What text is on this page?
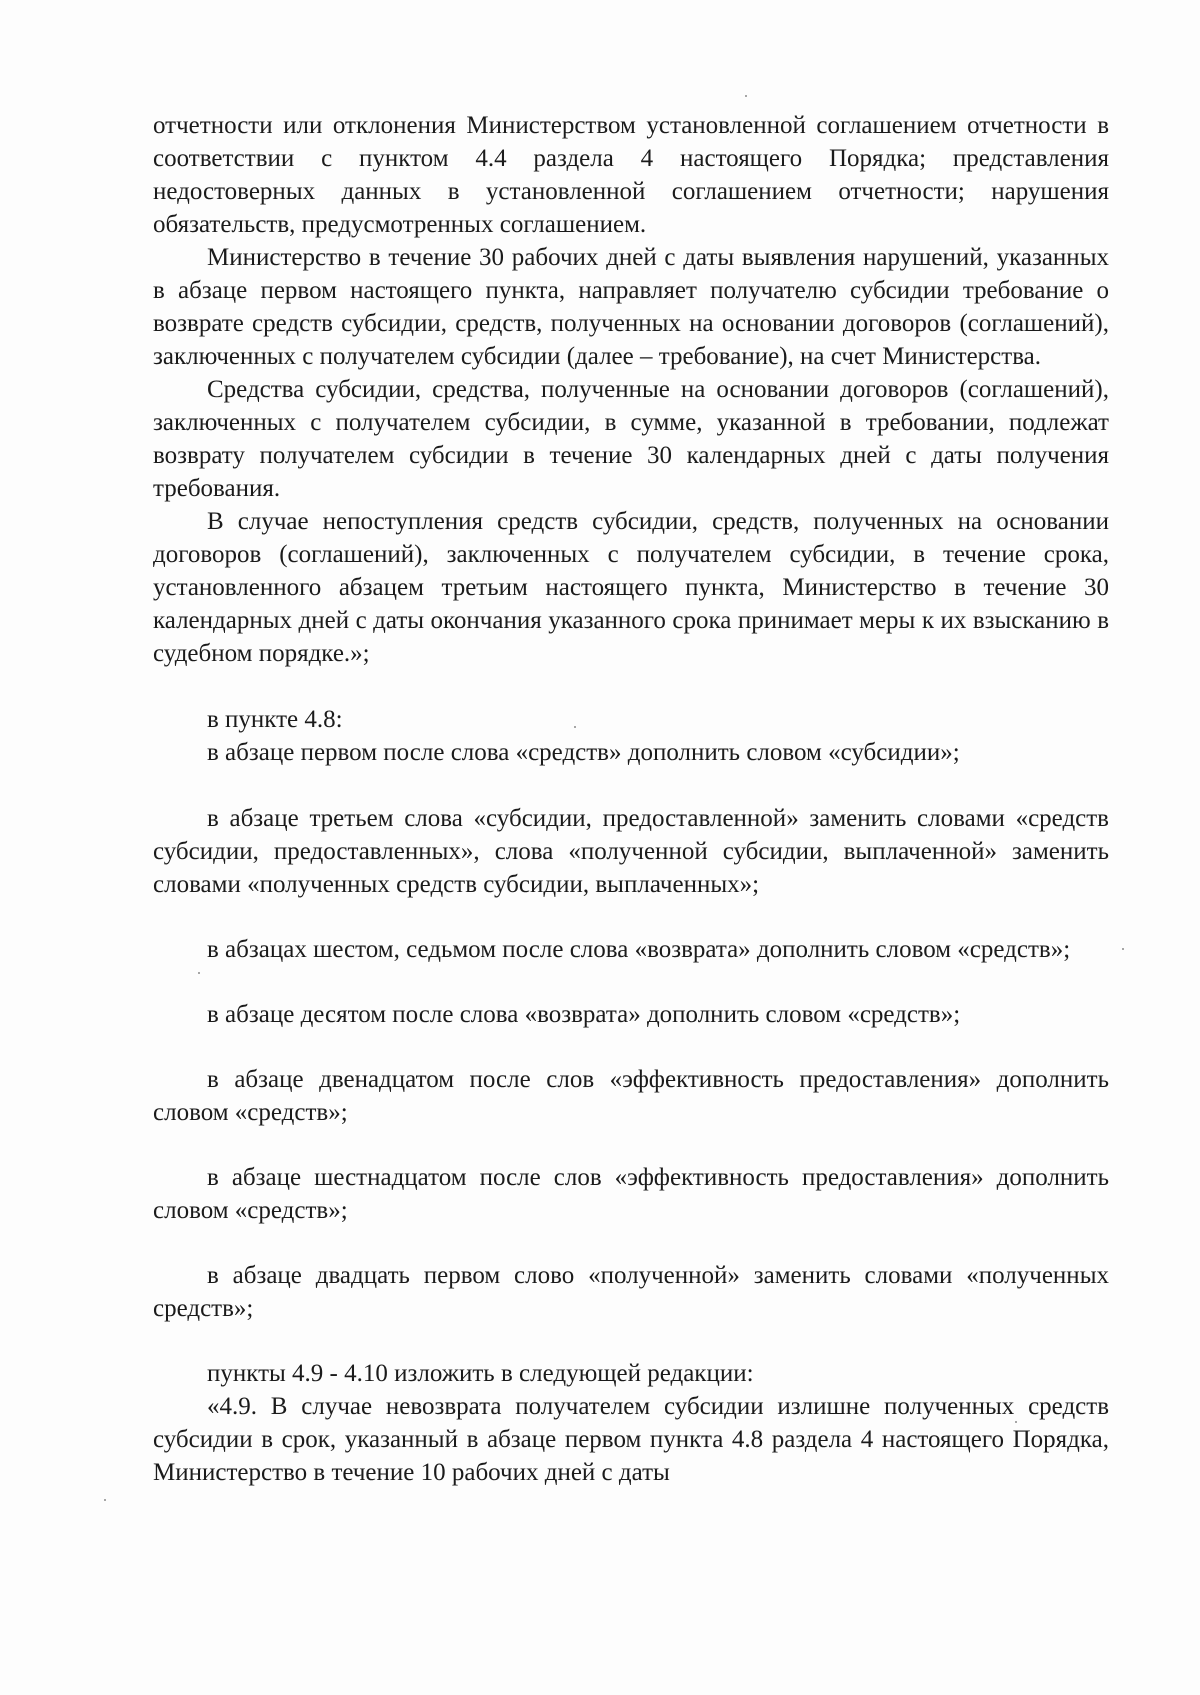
отчетности или отклонения Министерством установленной соглашением отчетности в соответствии с пунктом 4.4 раздела 4 настоящего Порядка; представления недостоверных данных в установленной соглашением отчетности; нарушения обязательств, предусмотренных соглашением.

Министерство в течение 30 рабочих дней с даты выявления нарушений, указанных в абзаце первом настоящего пункта, направляет получателю субсидии требование о возврате средств субсидии, средств, полученных на основании договоров (соглашений), заключенных с получателем субсидии (далее – требование), на счет Министерства.

Средства субсидии, средства, полученные на основании договоров (соглашений), заключенных с получателем субсидии, в сумме, указанной в требовании, подлежат возврату получателем субсидии в течение 30 календарных дней с даты получения требования.

В случае непоступления средств субсидии, средств, полученных на основании договоров (соглашений), заключенных с получателем субсидии, в течение срока, установленного абзацем третьим настоящего пункта, Министерство в течение 30 календарных дней с даты окончания указанного срока принимает меры к их взысканию в судебном порядке.»;

в пункте 4.8:

в абзаце первом после слова «средств» дополнить словом «субсидии»;

в абзаце третьем слова «субсидии, предоставленной» заменить словами «средств субсидии, предоставленных», слова «полученной субсидии, выплаченной» заменить словами «полученных средств субсидии, выплаченных»;

в абзацах шестом, седьмом после слова «возврата» дополнить словом «средств»;

в абзаце десятом после слова «возврата» дополнить словом «средств»;

в абзаце двенадцатом после слов «эффективность предоставления» дополнить словом «средств»;

в абзаце шестнадцатом после слов «эффективность предоставления» дополнить словом «средств»;

в абзаце двадцать первом слово «полученной» заменить словами «полученных средств»;

пункты 4.9 - 4.10 изложить в следующей редакции:

«4.9. В случае невозврата получателем субсидии излишне полученных средств субсидии в срок, указанный в абзаце первом пункта 4.8 раздела 4 настоящего Порядка, Министерство в течение 10 рабочих дней с даты
